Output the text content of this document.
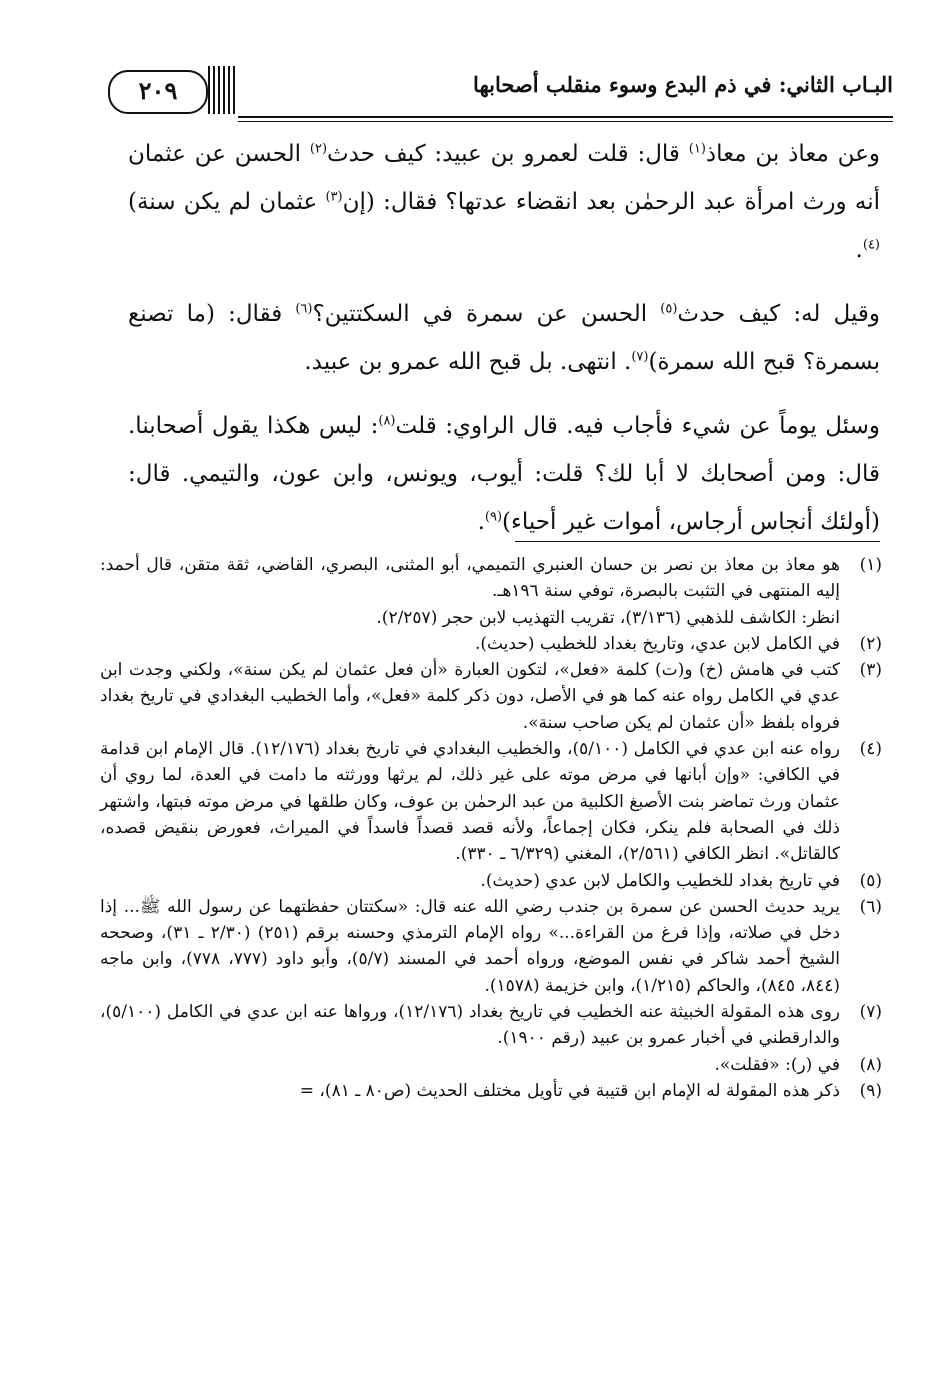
البـاب الثاني: في ذم البدع وسوء منقلب أصحابها
٢٠٩

وعن معاذ بن معاذ$^{(١)}$ قال: قلت لعمرو بن عبيد: كيف حدث$^{(٢)}$ الحسن عن عثمان أنه ورث امرأة عبد الرحمٰن بعد انقضاء عدتها؟ فقال: (إن$^{(٣)}$ عثمان لم يكن سنة)$^{(٤)}$.

وقيل له: كيف حدث$^{(٥)}$ الحسن عن سمرة في السكتتين؟$^{(٦)}$ فقال: (ما تصنع بسمرة؟ قبح الله سمرة)$^{(٧)}$. انتهى. بل قبح الله عمرو بن عبيد.

وسئل يوماً عن شيء فأجاب فيه. قال الراوي: قلت$^{(٨)}$: ليس هكذا يقول أصحابنا. قال: ومن أصحابك لا أبا لك؟ قلت: أيوب، ويونس، وابن عون، والتيمي. قال: (أولئك أنجاس أرجاس، أموات غير أحياء)$^{(٩)}$.

(١)
هو معاذ بن معاذ بن نصر بن حسان العنبري التميمي، أبو المثنى، البصري، القاضي، ثقة متقن، قال أحمد: إليه المنتهى في التثبت بالبصرة، توفي سنة ١٩٦هـ.
انظر: الكاشف للذهبي (٣/١٣٦)، تقريب التهذيب لابن حجر (٢/٢٥٧).
(٢)
في الكامل لابن عدي، وتاريخ بغداد للخطيب (حديث).
(٣)
كتب في هامش (خ) و(ت) كلمة «فعل»، لتكون العبارة «أن فعل عثمان لم يكن سنة»، ولكني وجدت ابن عدي في الكامل رواه عنه كما هو في الأصل، دون ذكر كلمة «فعل»، وأما الخطيب البغدادي في تاريخ بغداد فرواه بلفظ «أن عثمان لم يكن صاحب سنة».
(٤)
رواه عنه ابن عدي في الكامل (٥/١٠٠)، والخطيب البغدادي في تاريخ بغداد (١٢/١٧٦). قال الإمام ابن قدامة في الكافي: «وإن أبانها في مرض موته على غير ذلك، لم يرثها وورثته ما دامت في العدة، لما روي أن عثمان ورث تماضر بنت الأصبغ الكلبية من عبد الرحمٰن بن عوف، وكان طلقها في مرض موته فبتها، واشتهر ذلك في الصحابة فلم ينكر، فكان إجماعاً، ولأنه قصد قصداً فاسداً في الميراث، فعورض بنقيض قصده، كالقاتل». انظر الكافي (٢/٥٦١)، المغني (٦/٣٢٩ ـ ٣٣٠).
(٥)
في تاريخ بغداد للخطيب والكامل لابن عدي (حديث).
(٦)
يريد حديث الحسن عن سمرة بن جندب رضي الله عنه قال: «سكتتان حفظتهما عن رسول الله ﷺ... إذا دخل في صلاته، وإذا فرغ من القراءة...» رواه الإمام الترمذي وحسنه برقم (٢٥١) (٢/٣٠ ـ ٣١)، وصححه الشيخ أحمد شاكر في نفس الموضع، ورواه أحمد في المسند (٥/٧)، وأبو داود (٧٧٧، ٧٧٨)، وابن ماجه (٨٤٤، ٨٤٥)، والحاكم (١/٢١٥)، وابن خزيمة (١٥٧٨).
(٧)
روى هذه المقولة الخبيثة عنه الخطيب في تاريخ بغداد (١٢/١٧٦)، ورواها عنه ابن عدي في الكامل (٥/١٠٠)، والدارقطني في أخبار عمرو بن عبيد (رقم ١٩٠٠).
(٨)
في (ر): «فقلت».
(٩)
ذكر هذه المقولة له الإمام ابن قتيبة في تأويل مختلف الحديث (ص٨٠ ـ ٨١)، =
